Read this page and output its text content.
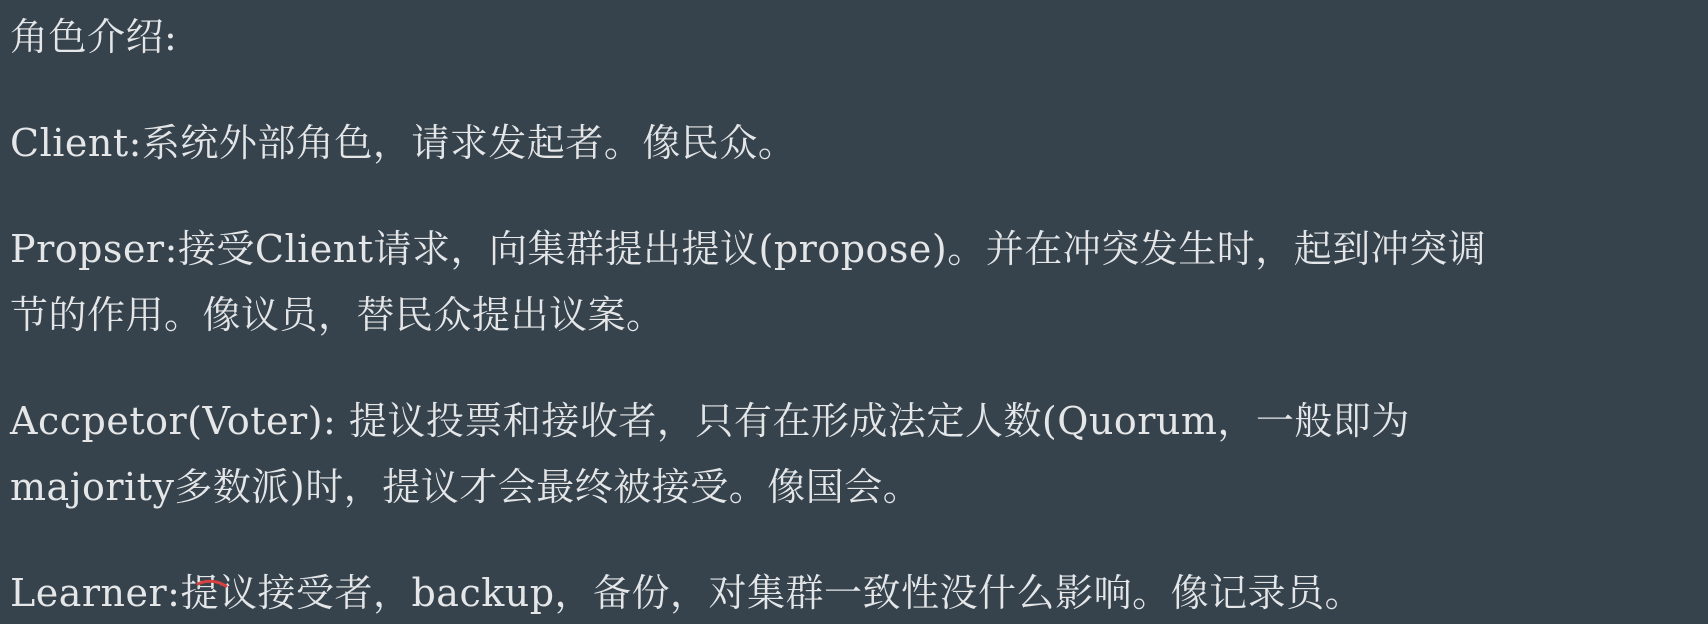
角色介绍:
Client:系统外部角色，请求发起者。像民众。
Propser:接受Client请求，向集群提出提议(propose)。并在冲突发生时，起到冲突调
节的作用。像议员，替民众提出议案。
Accpetor(Voter): 提议投票和接收者，只有在形成法定人数(Quorum，一般即为
majority多数派)时，提议才会最终被接受。像国会。
Learner:提议接受者，backup，备份，对集群一致性没什么影响。像记录员。
